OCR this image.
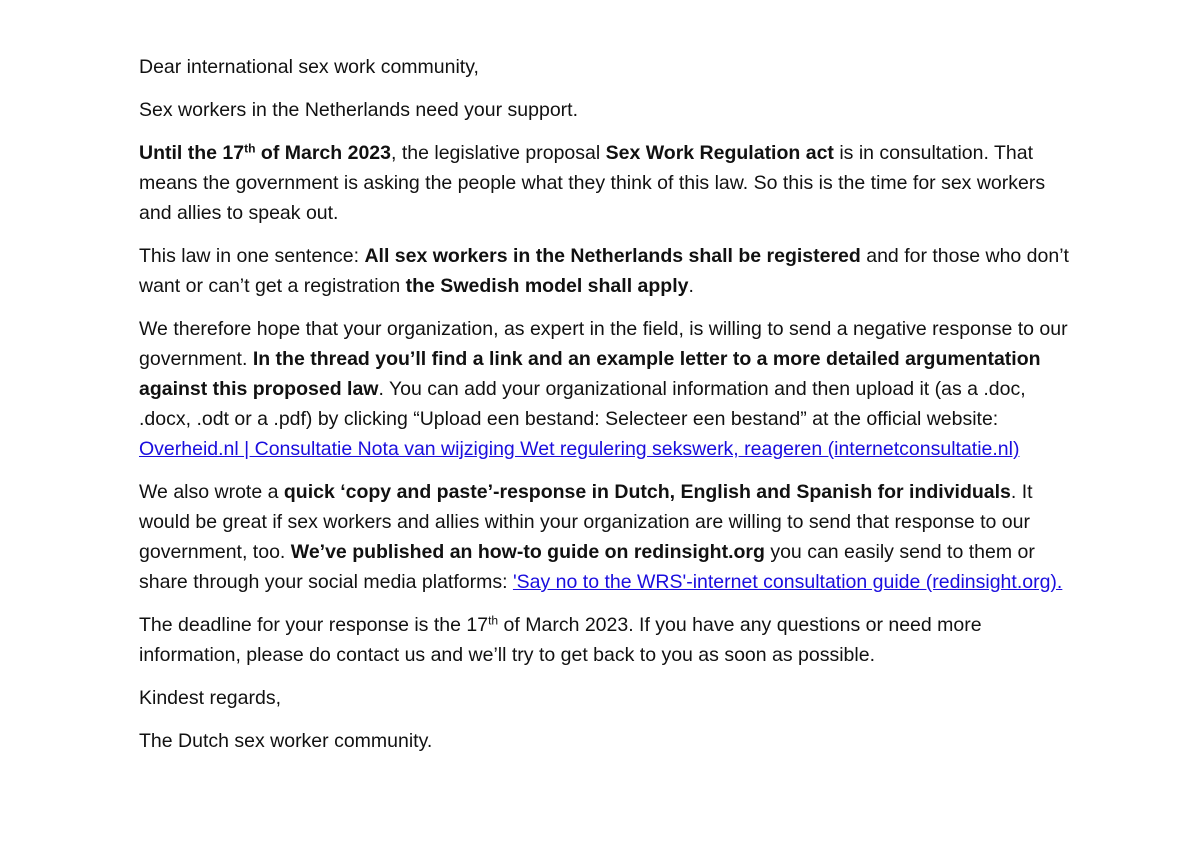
Dear international sex work community,

Sex workers in the Netherlands need your support.

Until the 17th of March 2023, the legislative proposal Sex Work Regulation act is in consultation. That means the government is asking the people what they think of this law. So this is the time for sex workers and allies to speak out.

This law in one sentence: All sex workers in the Netherlands shall be registered and for those who don’t want or can’t get a registration the Swedish model shall apply.

We therefore hope that your organization, as expert in the field, is willing to send a negative response to our government. In the thread you’ll find a link and an example letter to a more detailed argumentation against this proposed law. You can add your organizational information and then upload it (as a .doc, .docx, .odt or a .pdf) by clicking “Upload een bestand: Selecteer een bestand” at the official website: Overheid.nl | Consultatie Nota van wijziging Wet regulering sekswerk, reageren (internetconsultatie.nl)

We also wrote a quick ‘copy and paste’-response in Dutch, English and Spanish for individuals. It would be great if sex workers and allies within your organization are willing to send that response to our government, too. We’ve published an how-to guide on redinsight.org you can easily send to them or share through your social media platforms: 'Say no to the WRS'-internet consultation guide (redinsight.org).

The deadline for your response is the 17th of March 2023. If you have any questions or need more information, please do contact us and we’ll try to get back to you as soon as possible.

Kindest regards,

The Dutch sex worker community.
